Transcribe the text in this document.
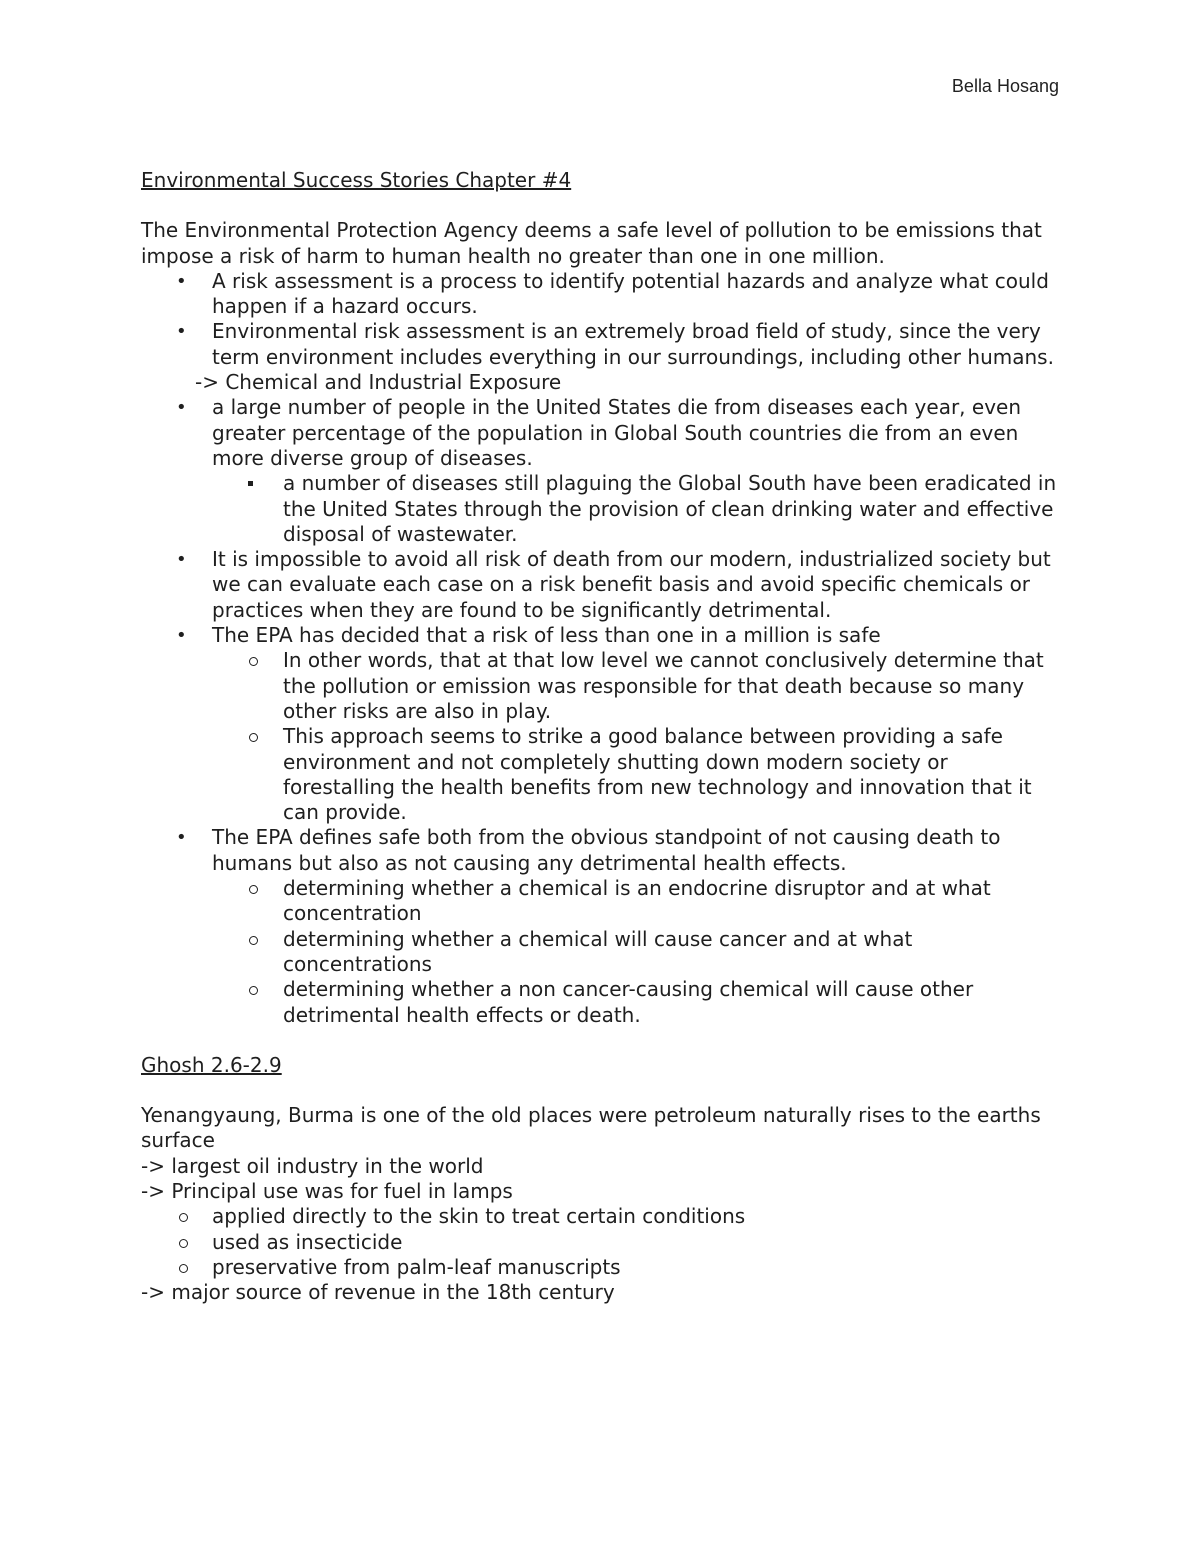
Bella Hosang

Environmental Success Stories Chapter #4

The Environmental Protection Agency deems a safe level of pollution to be emissions that impose a risk of harm to human health no greater than one in one million.

• A risk assessment is a process to identify potential hazards and analyze what could happen if a hazard occurs.
• Environmental risk assessment is an extremely broad field of study, since the very term environment includes everything in our surroundings, including other humans.
-> Chemical and Industrial Exposure
• a large number of people in the United States die from diseases each year, even greater percentage of the population in Global South countries die from an even more diverse group of diseases.
a number of diseases still plaguing the Global South have been eradicated in the United States through the provision of clean drinking water and effective disposal of wastewater.
• It is impossible to avoid all risk of death from our modern, industrialized society but we can evaluate each case on a risk benefit basis and avoid specific chemicals or practices when they are found to be significantly detrimental.
• The EPA has decided that a risk of less than one in a million is safe
In other words, that at that low level we cannot conclusively determine that the pollution or emission was responsible for that death because so many other risks are also in play.
This approach seems to strike a good balance between providing a safe environment and not completely shutting down modern society or forestalling the health benefits from new technology and innovation that it can provide.
• The EPA defines safe both from the obvious standpoint of not causing death to humans but also as not causing any detrimental health effects.
determining whether a chemical is an endocrine disruptor and at what concentration
determining whether a chemical will cause cancer and at what concentrations
determining whether a non cancer-causing chemical will cause other detrimental health effects or death.

Ghosh 2.6-2.9

Yenangyaung, Burma is one of the old places were petroleum naturally rises to the earths surface

-> largest oil industry in the world
-> Principal use was for fuel in lamps
applied directly to the skin to treat certain conditions
used as insecticide
preservative from palm-leaf manuscripts
-> major source of revenue in the 18th century
